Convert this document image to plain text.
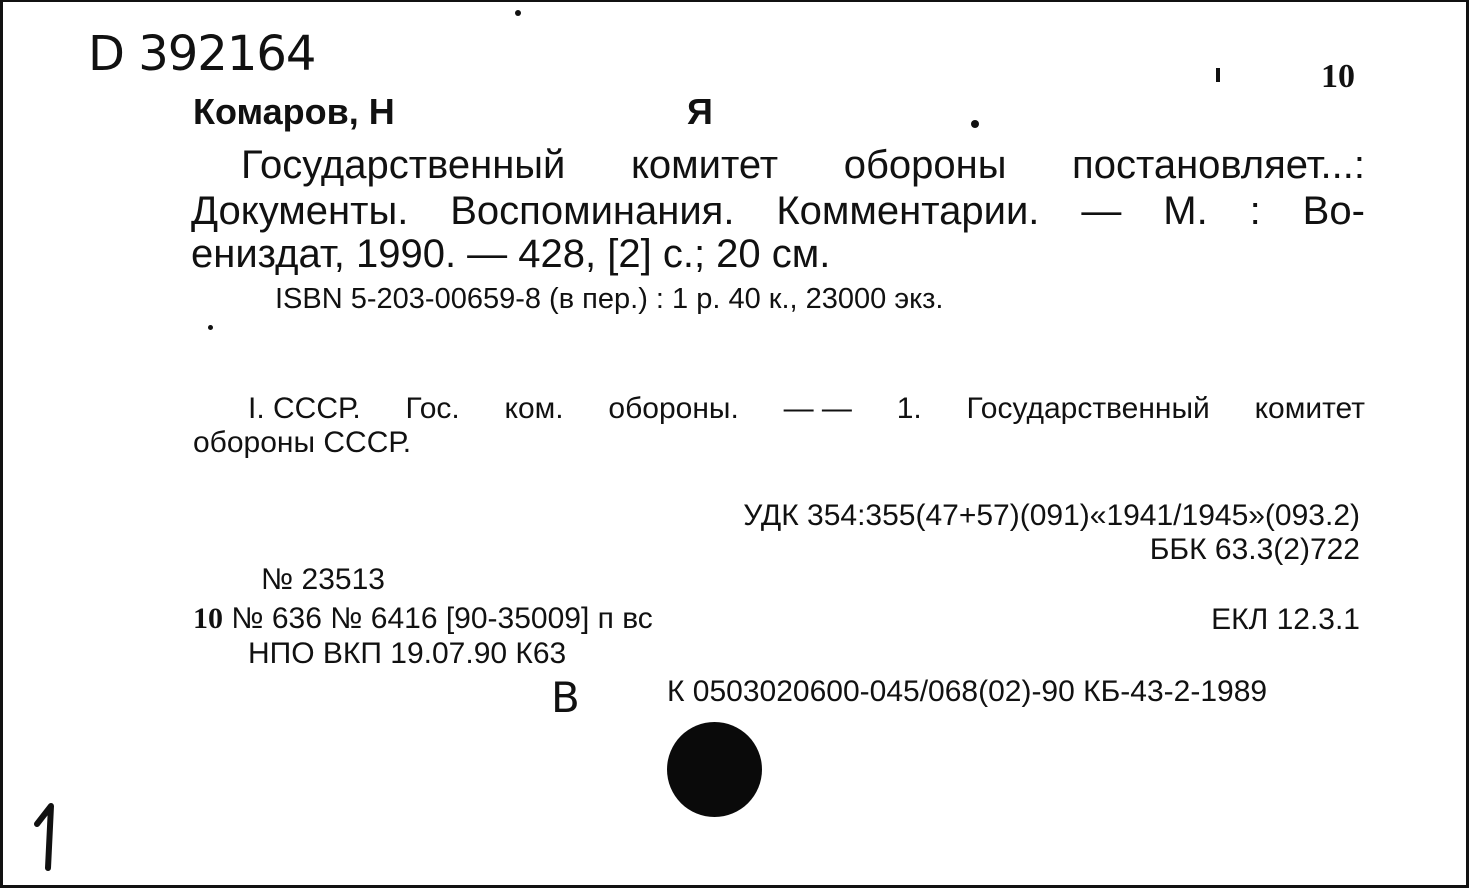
D 392164	10
Комаров, Н	Я
Государственный комитет обороны постановляет...:
Документы. Воспоминания. Комментарии. — М. : Во-
ениздат, 1990. — 428, [2] с.; 20 см.
ISBN 5-203-00659-8 (в пер.) : 1 р. 40 к., 23000 экз.
I. СССР. Гос. ком. обороны. — — 1. Государственный комитет
обороны СССР.
УДК 354:355(47+57)(091)«1941/1945»(093.2)
ББК 63.3(2)722
№ 23513
10 № 636 № 6416 [90-35009] п вс	ЕКЛ 12.3.1
НПО ВКП 19.07.90 К63
В	К 0503020600-045/068(02)-90 КБ-43-2-1989
